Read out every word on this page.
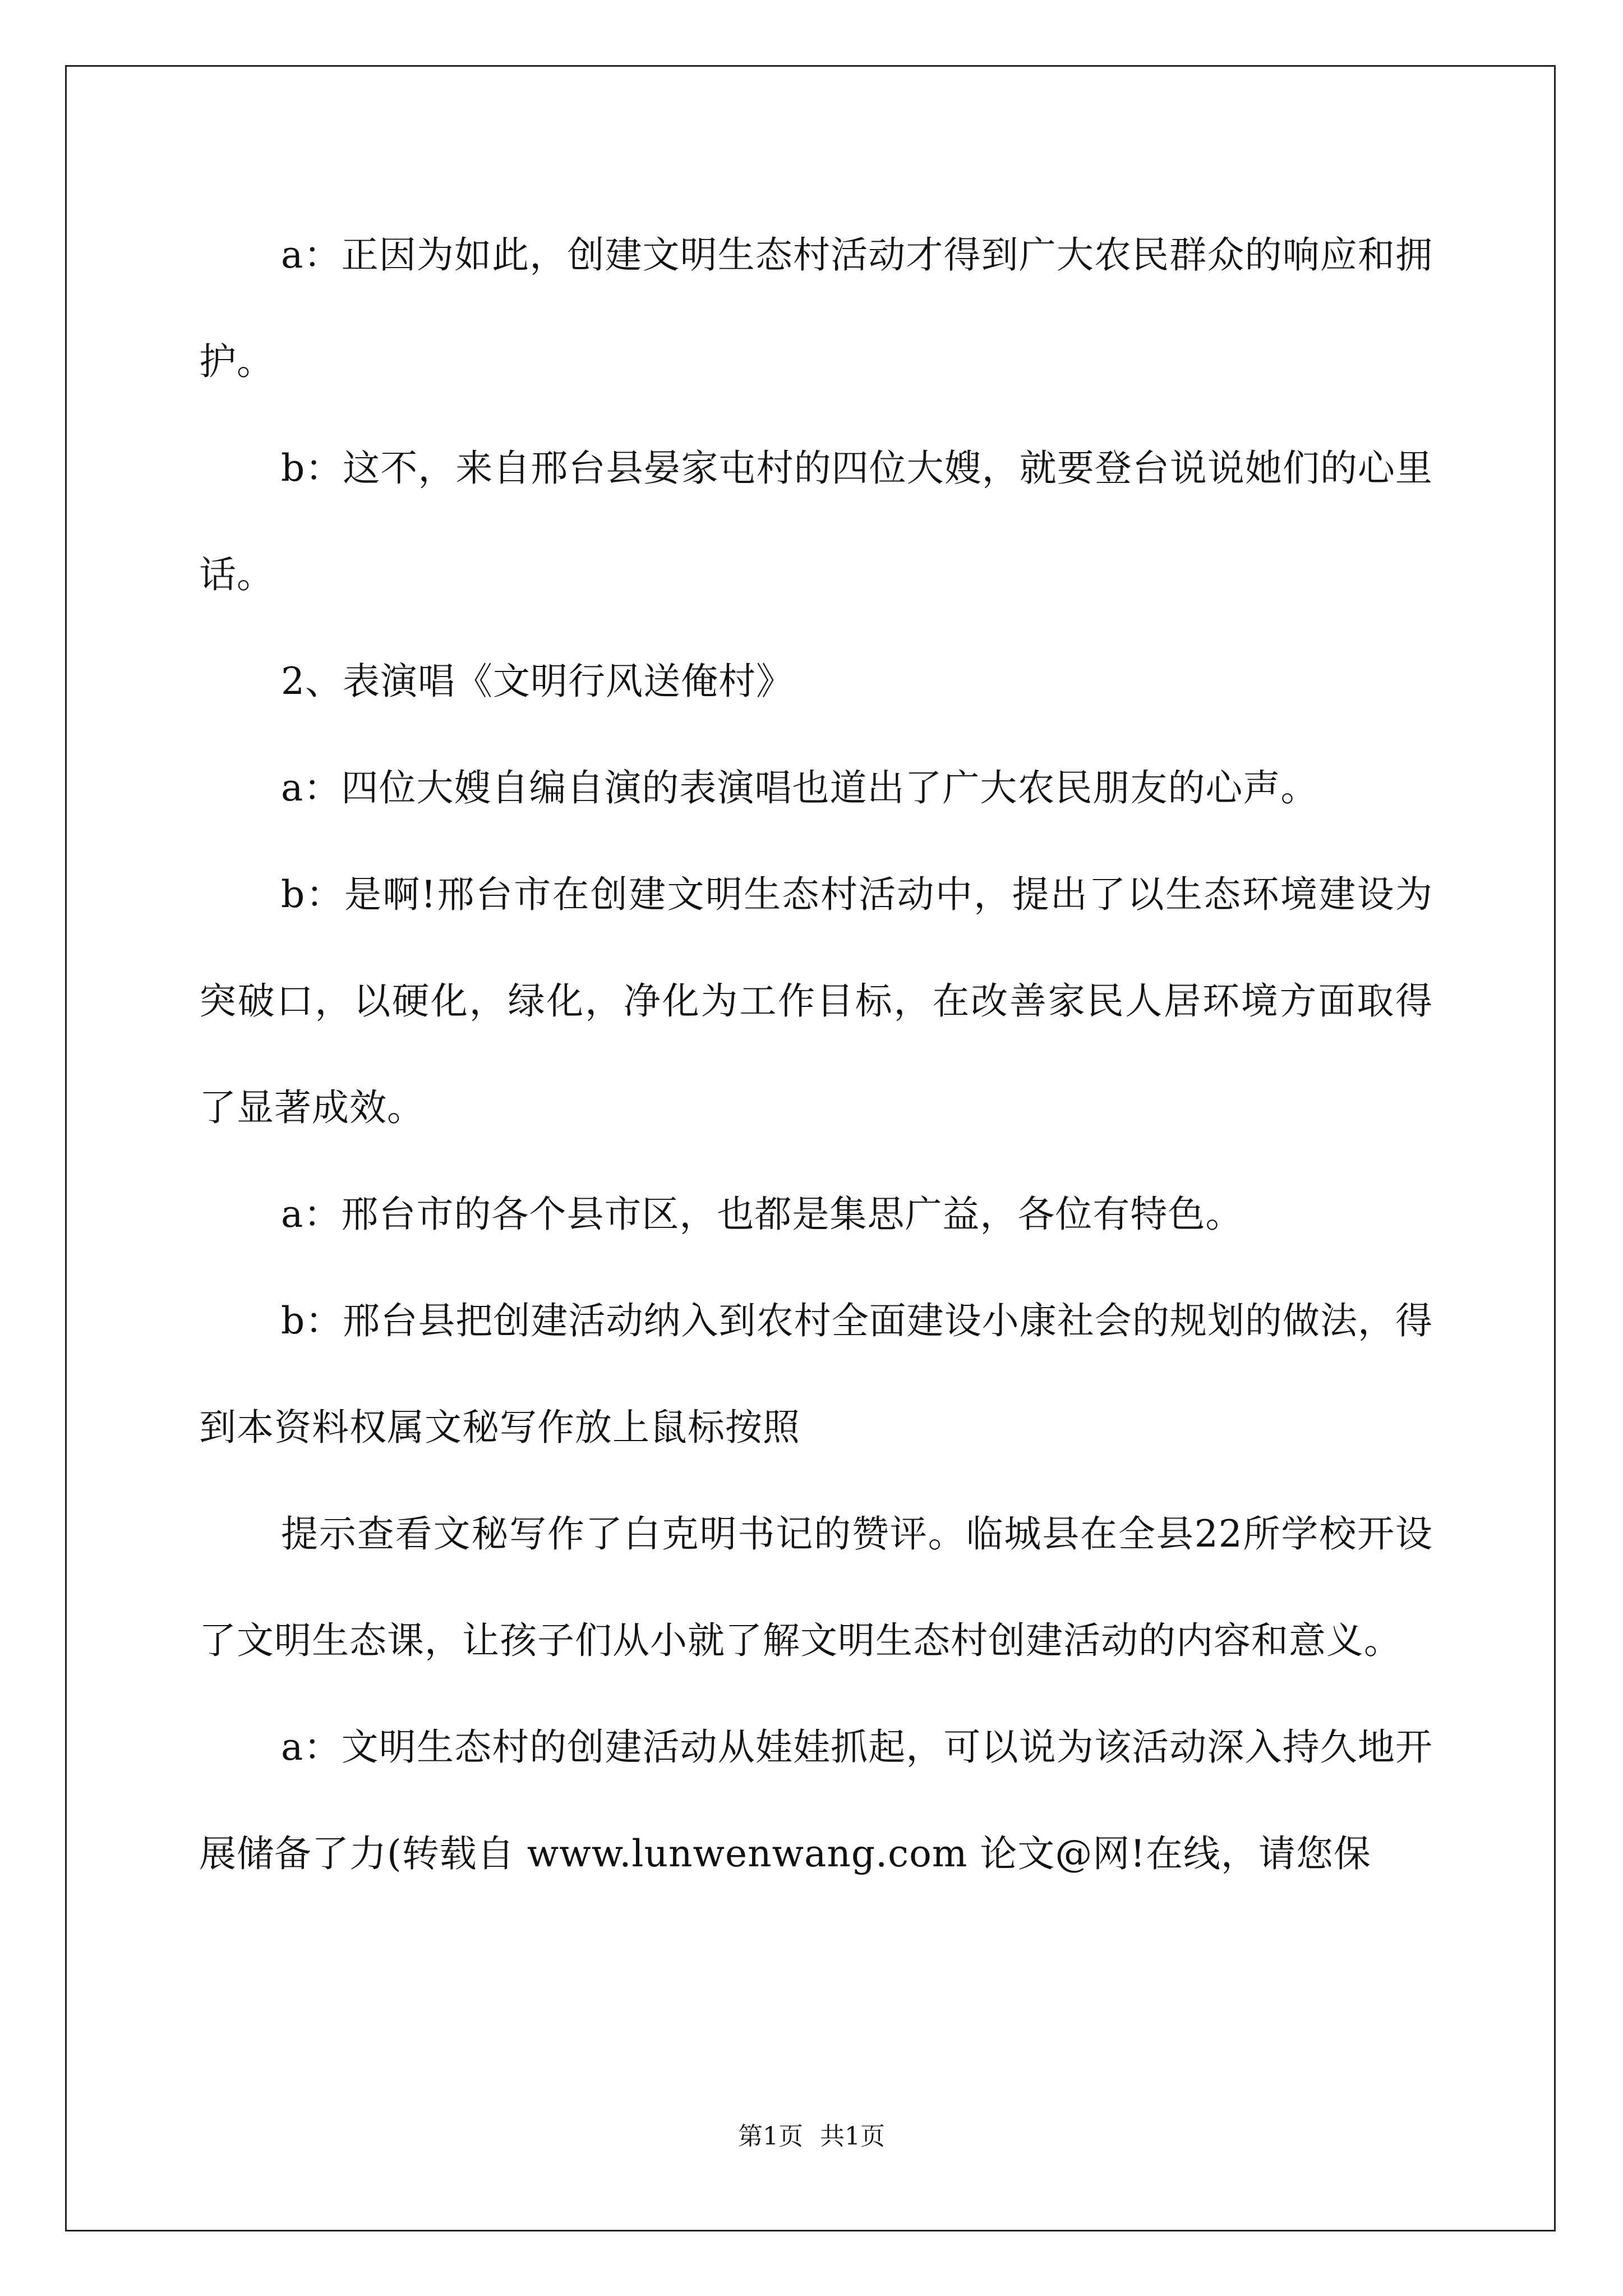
a：正因为如此，创建文明生态村活动才得到广大农民群众的响应和拥护。

b：这不，来自邢台县晏家屯村的四位大嫂，就要登台说说她们的心里话。

2、表演唱《文明行风送俺村》

a：四位大嫂自编自演的表演唱也道出了广大农民朋友的心声。

b：是啊!邢台市在创建文明生态村活动中，提出了以生态环境建设为突破口，以硬化，绿化，净化为工作目标，在改善家民人居环境方面取得了显著成效。

a：邢台市的各个县市区，也都是集思广益，各位有特色。

b：邢台县把创建活动纳入到农村全面建设小康社会的规划的做法，得到本资料权属文秘写作放上鼠标按照

提示查看文秘写作了白克明书记的赞评。临城县在全县22所学校开设了文明生态课，让孩子们从小就了解文明生态村创建活动的内容和意义。

a：文明生态村的创建活动从娃娃抓起，可以说为该活动深入持久地开展储备了力(转载自 www.lunwenwang.com 论文@网!在线，请您保

第1页 共1页
